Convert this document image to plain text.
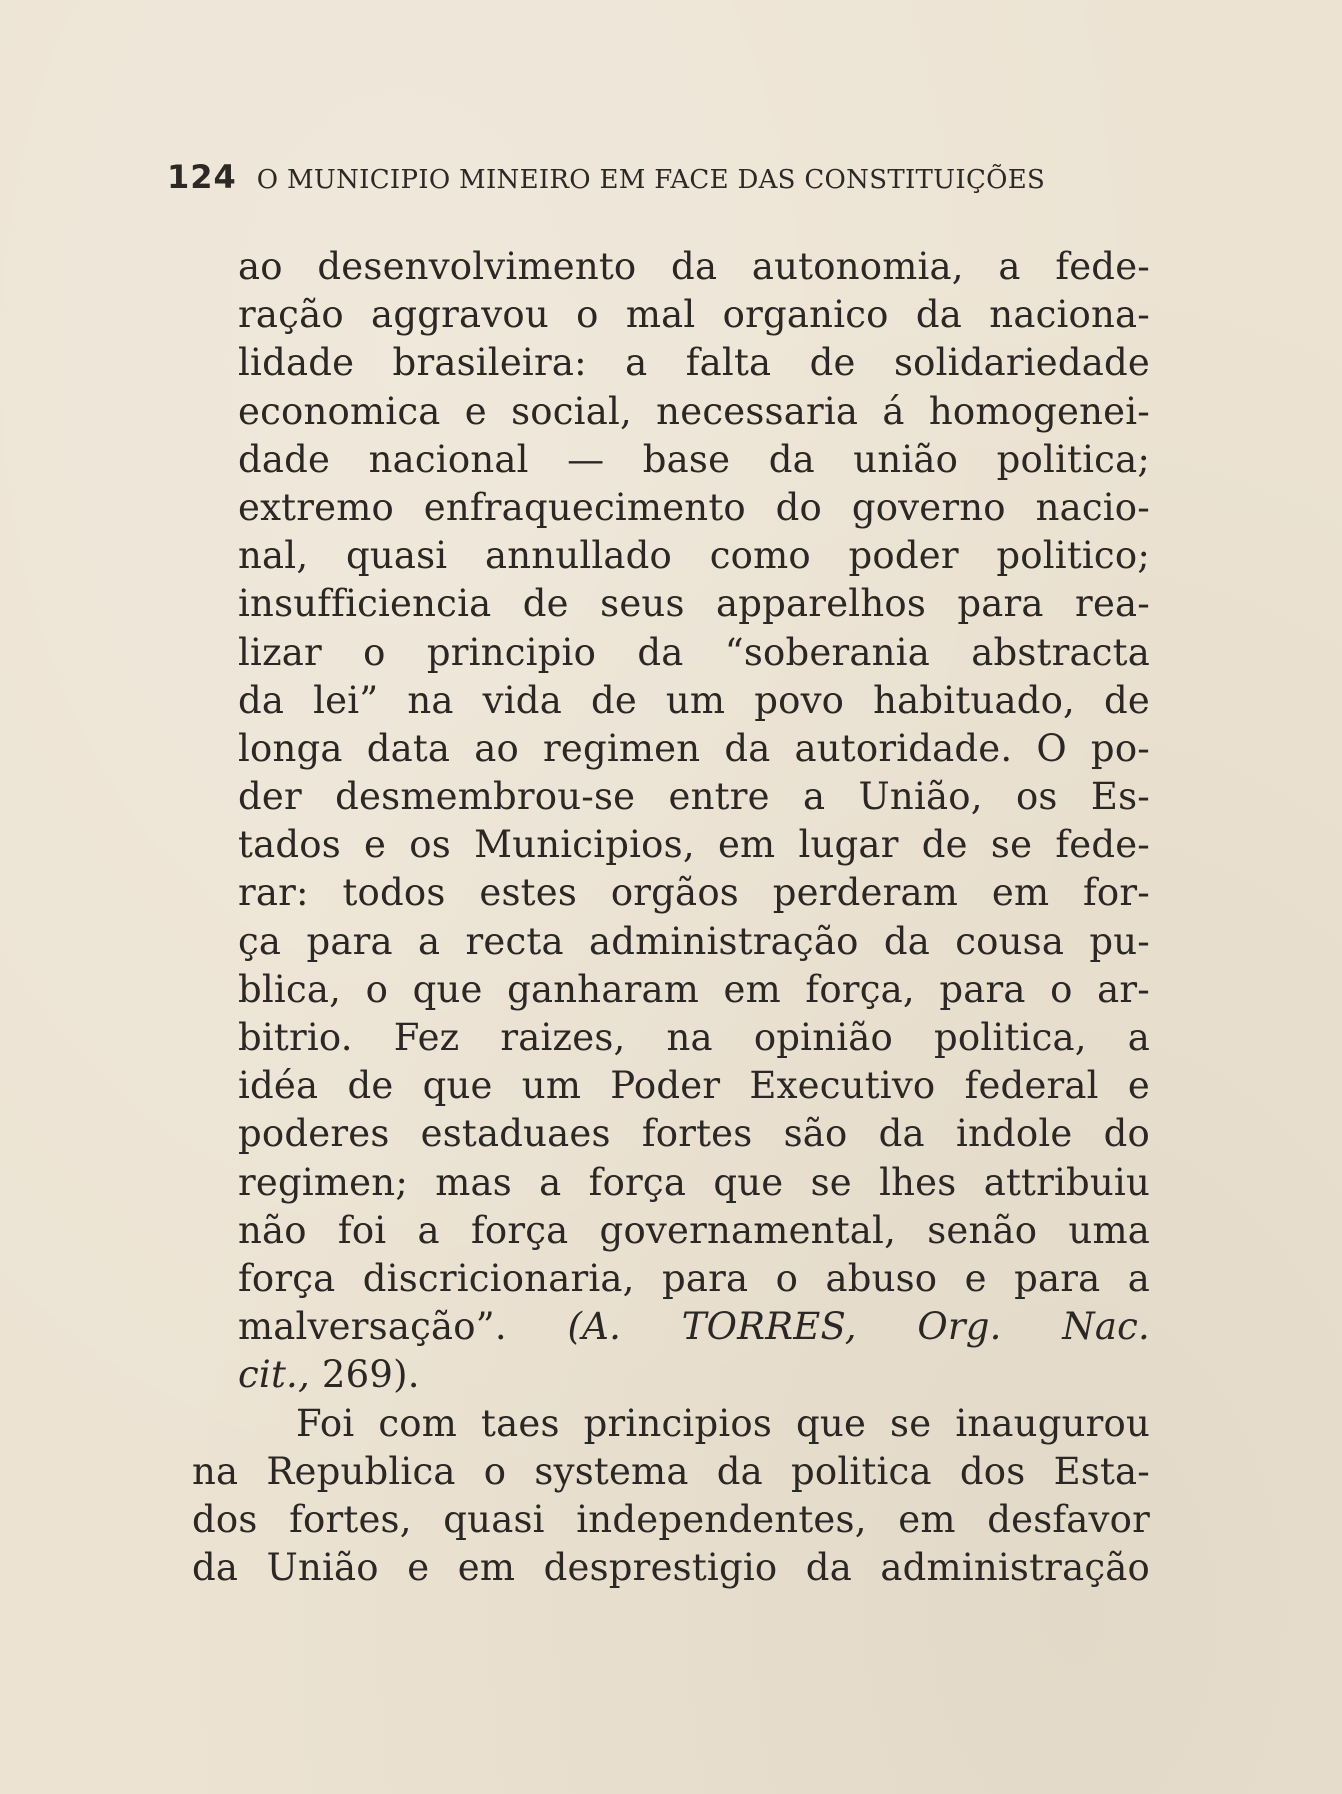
124 O MUNICIPIO MINEIRO EM FACE DAS CONSTITUIÇÕES
ao desenvolvimento da autonomia, a fede-
ração aggravou o mal organico da naciona-
lidade brasileira: a falta de solidariedade
economica e social, necessaria á homogenei-
dade nacional — base da união politica;
extremo enfraquecimento do governo nacio-
nal, quasi annullado como poder politico;
insufficiencia de seus apparelhos para rea-
lizar o principio da “soberania abstracta
da lei” na vida de um povo habituado, de
longa data ao regimen da autoridade. O po-
der desmembrou-se entre a União, os Es-
tados e os Municipios, em lugar de se fede-
rar: todos estes orgãos perderam em for-
ça para a recta administração da cousa pu-
blica, o que ganharam em força, para o ar-
bitrio. Fez raizes, na opinião politica, a
idéa de que um Poder Executivo federal e
poderes estaduaes fortes são da indole do
regimen; mas a força que se lhes attribuiu
não foi a força governamental, senão uma
força discricionaria, para o abuso e para a
malversação”. (A. TORRES, Org. Nac.
cit., 269).
Foi com taes principios que se inaugurou
na Republica o systema da politica dos Esta-
dos fortes, quasi independentes, em desfavor
da União e em desprestigio da administração
